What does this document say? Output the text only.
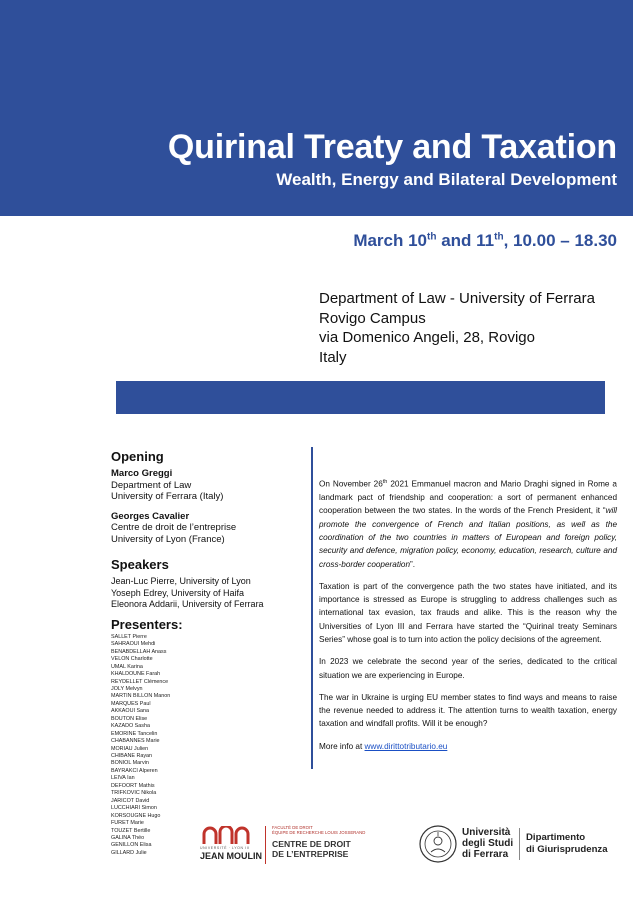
Quirinal Treaty and Taxation
Wealth, Energy and Bilateral Development
March 10th and 11th, 10.00 – 18.30
Department of Law - University of Ferrara
Rovigo Campus
via Domenico Angeli, 28, Rovigo
Italy
Opening
Marco Greggi
Department of Law
University of Ferrara (Italy)
Georges Cavalier
Centre de droit de l’entreprise
University of Lyon (France)
Speakers
Jean-Luc Pierre, University of Lyon
Yoseph Edrey, University of Haifa
Eleonora Addarii, University of Ferrara
Presenters:
SALLET Pierre
SAHRAOUI Mehdi
BENABDELLAH Anass
VELON Charlotte
UMAL Karina
KHALDOUNE Farah
REYDELLET Clémence
JOLY Melvyn
MARTIN BILLON Manon
MARQUES Paul
AKKAOUI Sana
BOUTON Elise
KAZADO Sasha
EMORINE Tancelin
CHABANNES Marie
MORIAU Julien
CHIBANE Rayan
BONIOL Marvin
BAYRAKCI Alperen
LEIVA Ian
DEFOORT Mathis
TRIFKOVIC Nikola
JARICOT David
LUCCHIARI Simon
KORSOUGNE Hugo
FURET Marie
TOUZET Bertille
GALINA Théo
GENILLON Elisa
GILLARD Julie

On November 26th 2021 Emmanuel macron and Mario Draghi signed in Rome a landmark pact of friendship and cooperation: a sort of permanent enhanced cooperation between the two states. In the words of the French President, it “will promote the convergence of French and Italian positions, as well as the coordination of the two countries in matters of European and foreign policy, security and defence, migration policy, economy, education, research, culture and cross-border cooperation”.

Taxation is part of the convergence path the two states have initiated, and its importance is stressed as Europe is struggling to address challenges such as international tax evasion, tax frauds and alike. This is the reason why the Universities of Lyon III and Ferrara have started the “Quirinal treaty Seminars Series” whose goal is to turn into action the policy decisions of the agreement.

In 2023 we celebrate the second year of the series, dedicated to the critical situation we are experiencing in Europe.

The war in Ukraine is urging EU member states to find ways and means to raise the revenue needed to address it. The attention turns to wealth taxation, energy taxation and windfall profits. Will it be enough?

More info at www.dirittotributario.eu

UNIVERSITÉ · LYON III
JEAN MOULIN
FACULTÉ DE DROIT
ÉQUIPE DE RECHERCHE LOUIS JOSSERAND
CENTRE DE DROIT
DE L’ENTREPRISE
Università
degli Studi
di Ferrara
Dipartimento
di Giurisprudenza
